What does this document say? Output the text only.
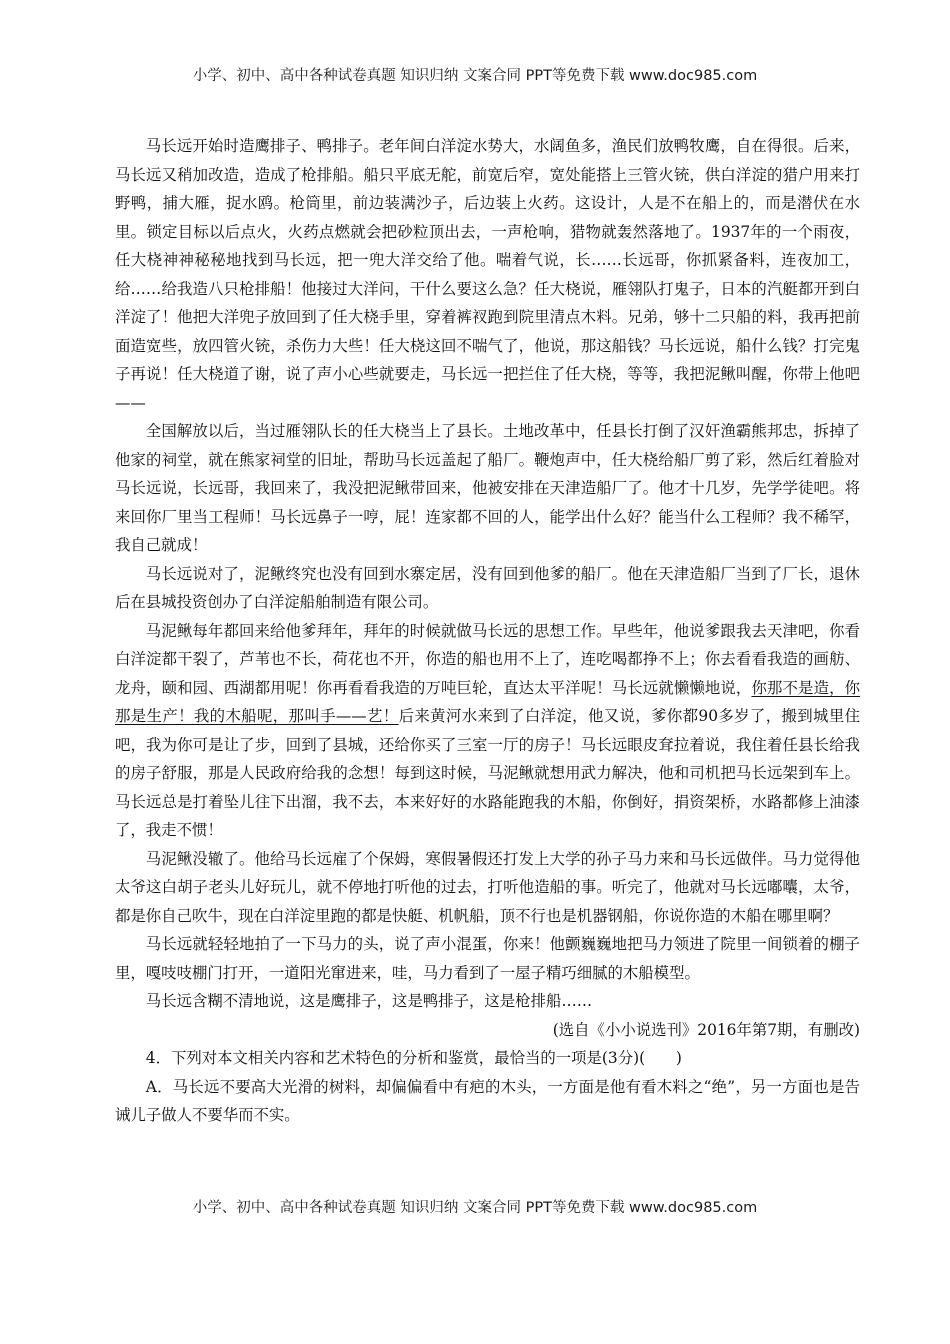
小学、初中、高中各种试卷真题 知识归纳 文案合同 PPT等免费下载 www.doc985.com

马长远开始时造鹰排子、鸭排子。老年间白洋淀水势大，水阔鱼多，渔民们放鸭牧鹰，自在得很。后来，马长远又稍加改造，造成了枪排船。船只平底无舵，前宽后窄，宽处能搭上三管火铳，供白洋淀的猎户用来打野鸭，捕大雁，捉水鸥。枪筒里，前边装满沙子，后边装上火药。这设计，人是不在船上的，而是潜伏在水里。锁定目标以后点火，火药点燃就会把砂粒顶出去，一声枪响，猎物就轰然落地了。1937年的一个雨夜，任大桡神神秘秘地找到马长远，把一兜大洋交给了他。喘着气说，长……长远哥，你抓紧备料，连夜加工，给……给我造八只枪排船！他接过大洋问，干什么要这么急？任大桡说，雁翎队打鬼子，日本的汽艇都开到白洋淀了！他把大洋兜子放回到了任大桡手里，穿着裤衩跑到院里清点木料。兄弟，够十二只船的料，我再把前面造宽些，放四管火铳，杀伤力大些！任大桡这回不喘气了，他说，那这船钱？马长远说，船什么钱？打完鬼子再说！任大桡道了谢，说了声小心些就要走，马长远一把拦住了任大桡，等等，我把泥鳅叫醒，你带上他吧——

全国解放以后，当过雁翎队长的任大桡当上了县长。土地改革中，任县长打倒了汉奸渔霸熊邦忠，拆掉了他家的祠堂，就在熊家祠堂的旧址，帮助马长远盖起了船厂。鞭炮声中，任大桡给船厂剪了彩，然后红着脸对马长远说，长远哥，我回来了，我没把泥鳅带回来，他被安排在天津造船厂了。他才十几岁，先学学徒吧。将来回你厂里当工程师！马长远鼻子一哼，屁！连家都不回的人，能学出什么好？能当什么工程师？我不稀罕，我自己就成！

马长远说对了，泥鳅终究也没有回到水寨定居，没有回到他爹的船厂。他在天津造船厂当到了厂长，退休后在县城投资创办了白洋淀船舶制造有限公司。

马泥鳅每年都回来给他爹拜年，拜年的时候就做马长远的思想工作。早些年，他说爹跟我去天津吧，你看白洋淀都干裂了，芦苇也不长，荷花也不开，你造的船也用不上了，连吃喝都挣不上；你去看看我造的画舫、龙舟，颐和园、西湖都用呢！你再看看我造的万吨巨轮，直达太平洋呢！马长远就懒懒地说，你那不是造，你那是生产！我的木船呢，那叫手——艺！后来黄河水来到了白洋淀，他又说，爹你都90多岁了，搬到城里住吧，我为你可是让了步，回到了县城，还给你买了三室一厅的房子！马长远眼皮耷拉着说，我住着任县长给我的房子舒服，那是人民政府给我的念想！每到这时候，马泥鳅就想用武力解决，他和司机把马长远架到车上。马长远总是打着坠儿往下出溜，我不去，本来好好的水路能跑我的木船，你倒好，捐资架桥，水路都修上油漆了，我走不惯！

马泥鳅没辙了。他给马长远雇了个保姆，寒假暑假还打发上大学的孙子马力来和马长远做伴。马力觉得他太爷这白胡子老头儿好玩儿，就不停地打听他的过去，打听他造船的事。听完了，他就对马长远嘟囔，太爷，都是你自己吹牛，现在白洋淀里跑的都是快艇、机帆船，顶不行也是机器钢船，你说你造的木船在哪里啊？

马长远就轻轻地拍了一下马力的头，说了声小混蛋，你来！他颤巍巍地把马力领进了院里一间锁着的棚子里，嘎吱吱棚门打开，一道阳光窜进来，哇，马力看到了一屋子精巧细腻的木船模型。

马长远含糊不清地说，这是鹰排子，这是鸭排子，这是枪排船……

(选自《小小说选刊》2016年第7期，有删改)

4．下列对本文相关内容和艺术特色的分析和鉴赏，最恰当的一项是(3分)(　　)

A．马长远不要高大光滑的树料，却偏偏看中有疤的木头，一方面是他有看木料之“绝”，另一方面也是告诫儿子做人不要华而不实。

小学、初中、高中各种试卷真题 知识归纳 文案合同 PPT等免费下载 www.doc985.com
